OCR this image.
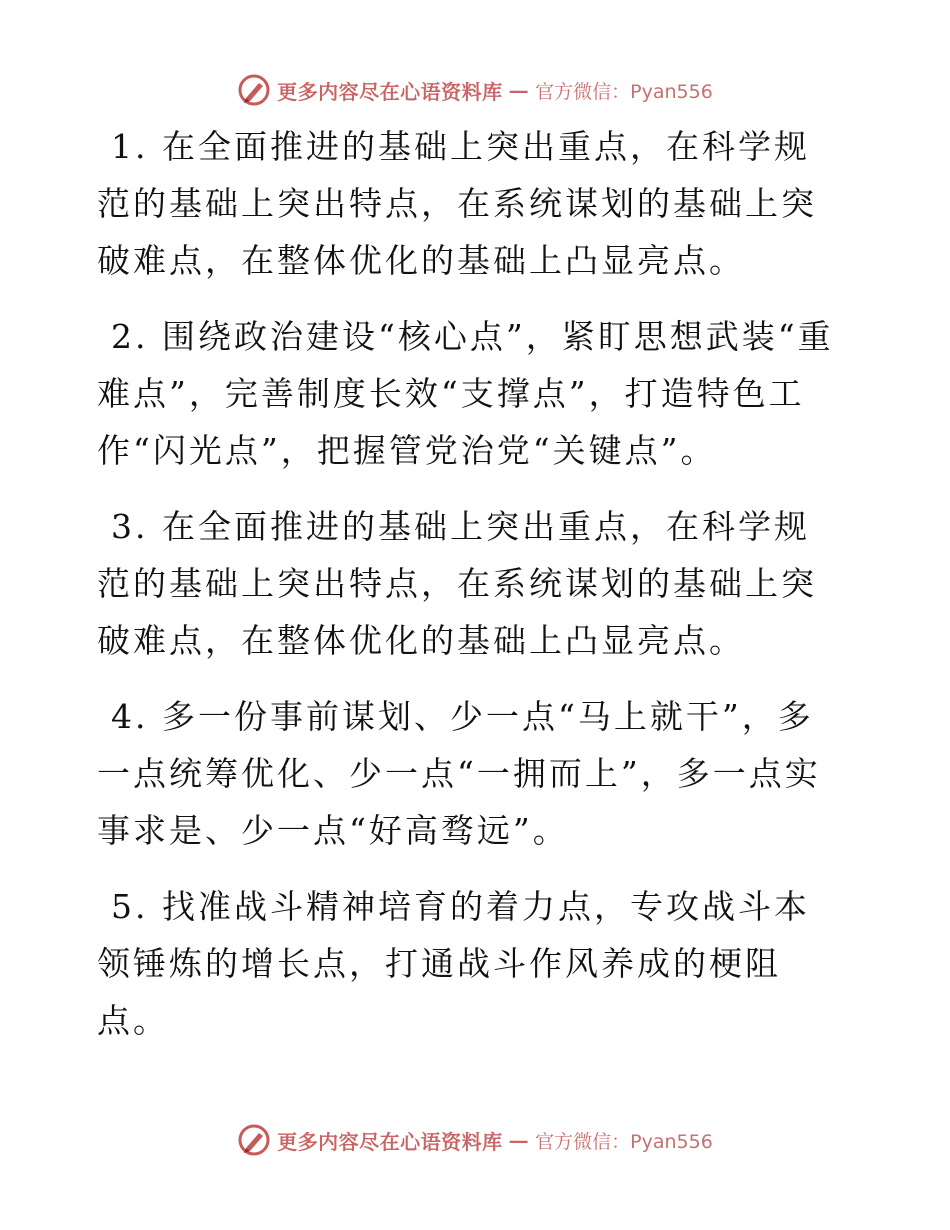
更多内容尽在心语资料库 — 官方微信：Pyan556

1. 在全面推进的基础上突出重点，在科学规范的基础上突出特点，在系统谋划的基础上突破难点，在整体优化的基础上凸显亮点。

2. 围绕政治建设“核心点”，紧盯思想武装“重难点”，完善制度长效“支撑点”，打造特色工作“闪光点”，把握管党治党“关键点”。

3. 在全面推进的基础上突出重点，在科学规范的基础上突出特点，在系统谋划的基础上突破难点，在整体优化的基础上凸显亮点。

4. 多一份事前谋划、少一点“马上就干”，多一点统筹优化、少一点“一拥而上”，多一点实事求是、少一点“好高骛远”。

5. 找准战斗精神培育的着力点，专攻战斗本领锤炼的增长点，打通战斗作风养成的梗阻点。

更多内容尽在心语资料库 — 官方微信：Pyan556
